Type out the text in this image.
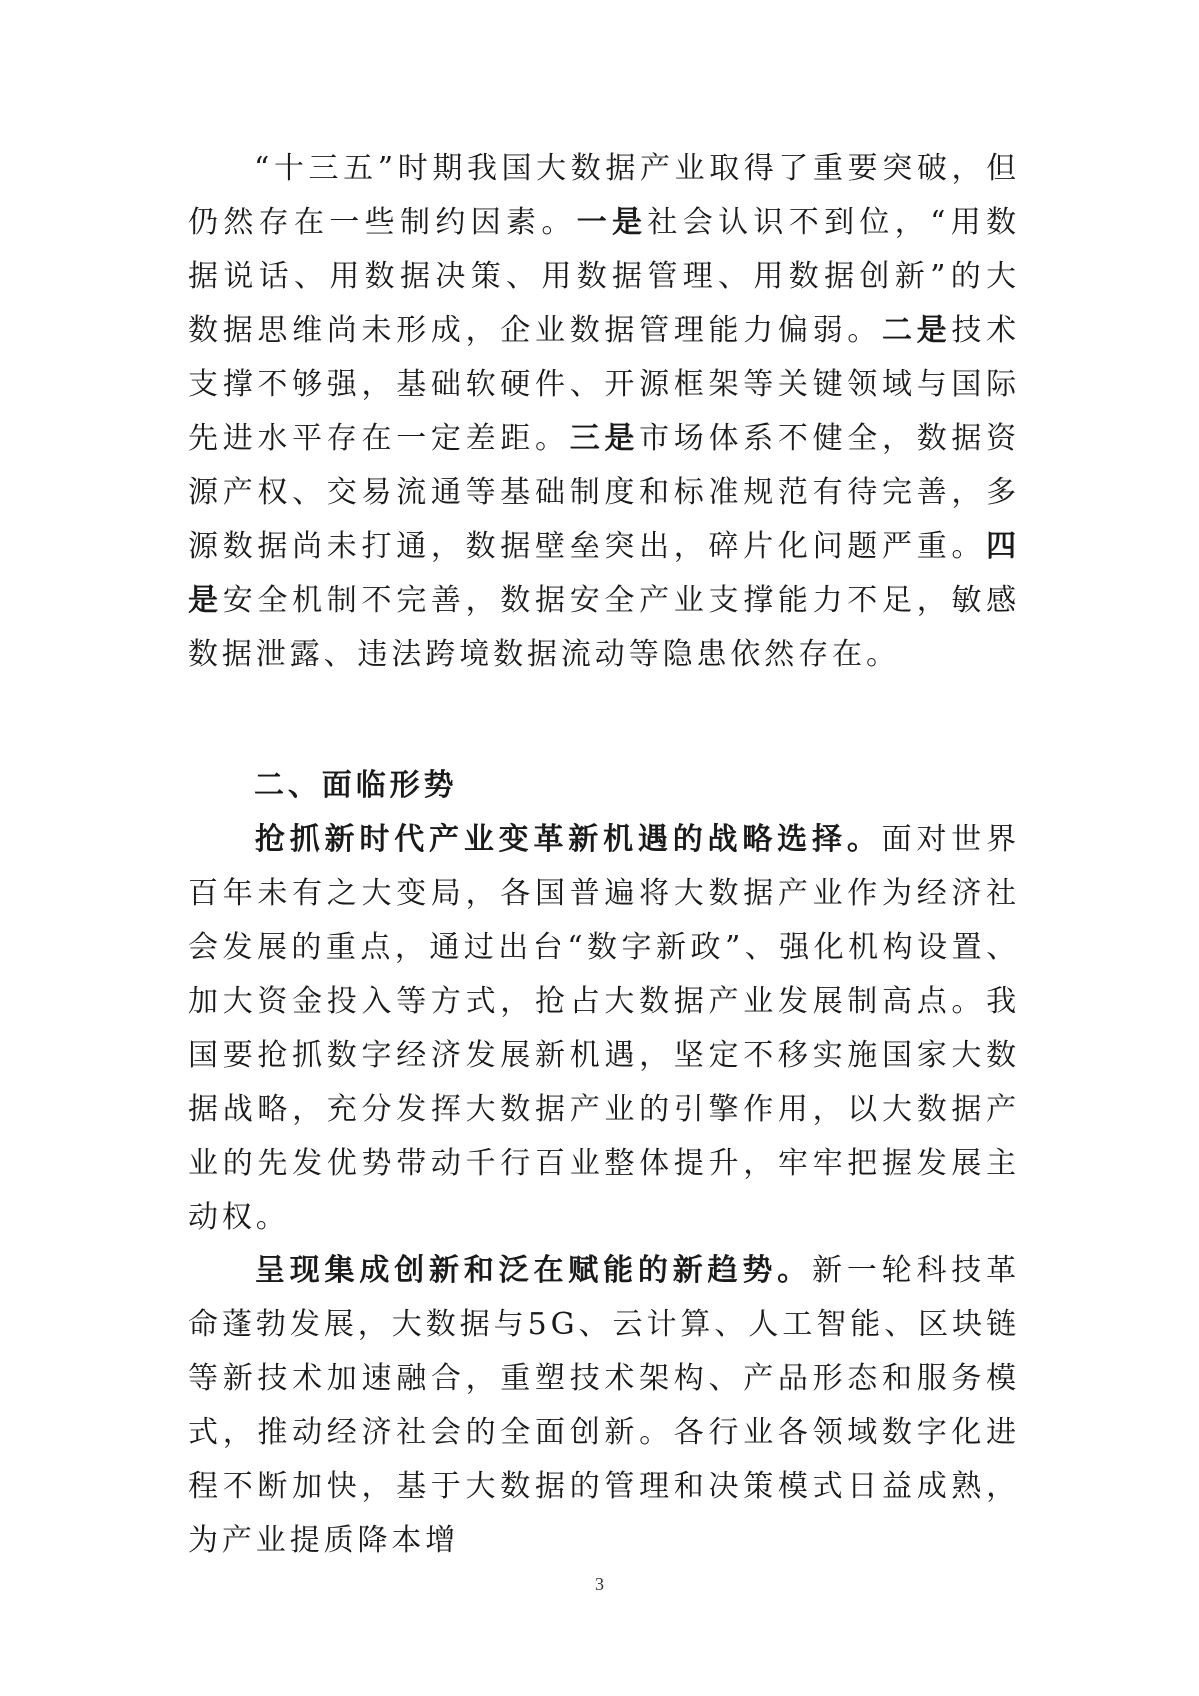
“十三五”时期我国大数据产业取得了重要突破，但仍然存在一些制约因素。一是社会认识不到位，“用数据说话、用数据决策、用数据管理、用数据创新”的大数据思维尚未形成，企业数据管理能力偏弱。二是技术支撑不够强，基础软硬件、开源框架等关键领域与国际先进水平存在一定差距。三是市场体系不健全，数据资源产权、交易流通等基础制度和标准规范有待完善，多源数据尚未打通，数据壁垒突出，碎片化问题严重。四是安全机制不完善，数据安全产业支撑能力不足，敏感数据泄露、违法跨境数据流动等隐患依然存在。

二、面临形势

抢抓新时代产业变革新机遇的战略选择。面对世界百年未有之大变局，各国普遍将大数据产业作为经济社会发展的重点，通过出台“数字新政”、强化机构设置、加大资金投入等方式，抢占大数据产业发展制高点。我国要抢抓数字经济发展新机遇，坚定不移实施国家大数据战略，充分发挥大数据产业的引擎作用，以大数据产业的先发优势带动千行百业整体提升，牢牢把握发展主动权。

呈现集成创新和泛在赋能的新趋势。新一轮科技革命蓬勃发展，大数据与5G、云计算、人工智能、区块链等新技术加速融合，重塑技术架构、产品形态和服务模式，推动经济社会的全面创新。各行业各领域数字化进程不断加快，基于大数据的管理和决策模式日益成熟，为产业提质降本增

3
